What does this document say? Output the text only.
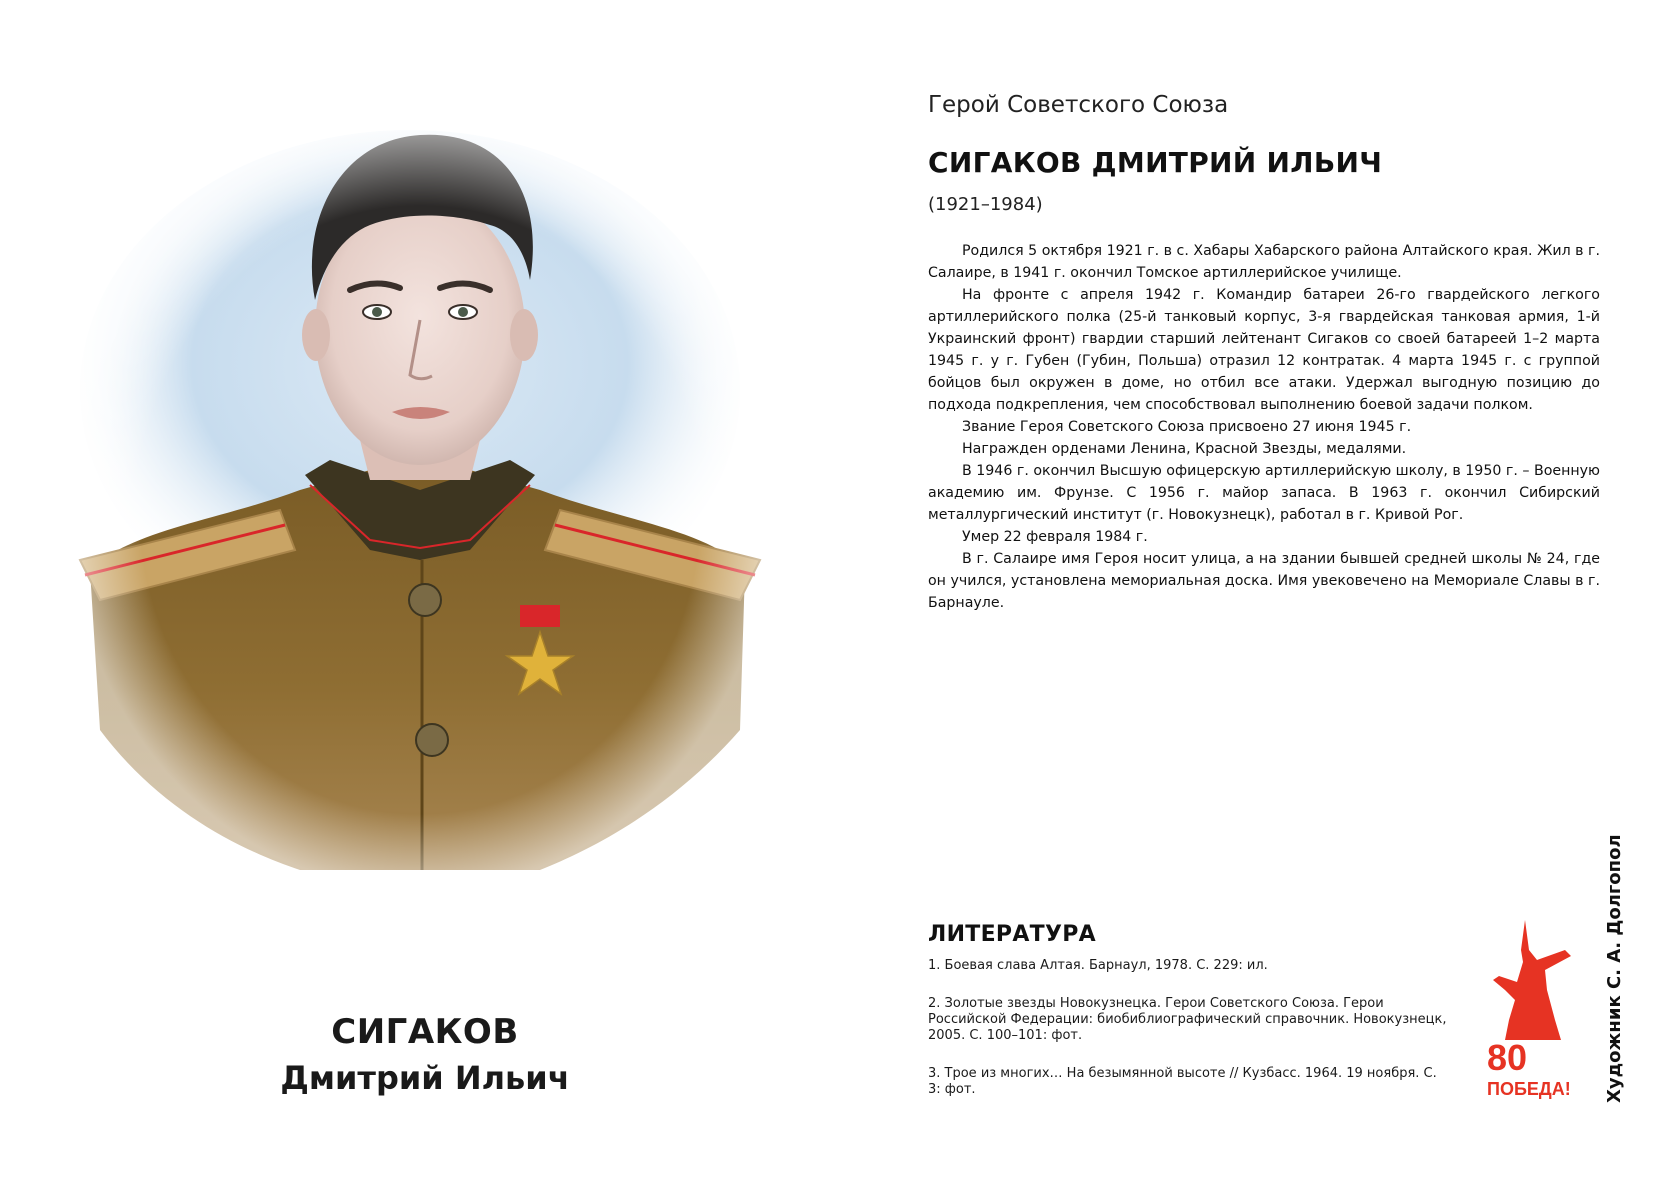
СИГАКОВ
Дмитрий Ильич
Герой Советского Союза
СИГАКОВ ДМИТРИЙ ИЛЬИЧ
(1921–1984)

Родился 5 октября 1921 г. в с. Хабары Хабарского района Алтайского края. Жил в г. Салаире, в 1941 г. окончил Томское артиллерийское училище.

На фронте с апреля 1942 г. Командир батареи 26-го гвардейского легкого артиллерийского полка (25-й танковый корпус, 3-я гвардейская танковая армия, 1-й Украинский фронт) гвардии старший лейтенант Сигаков со своей батареей 1–2 марта 1945 г. у г. Губен (Губин, Польша) отразил 12 контратак. 4 марта 1945 г. с группой бойцов был окружен в доме, но отбил все атаки. Удержал выгодную позицию до подхода подкрепления, чем способствовал выполнению боевой задачи полком.

Звание Героя Советского Союза присвоено 27 июня 1945 г.

Награжден орденами Ленина, Красной Звезды, медалями.

В 1946 г. окончил Высшую офицерскую артиллерийскую школу, в 1950 г. – Военную академию им. Фрунзе. С 1956 г. майор запаса. В 1963 г. окончил Сибирский металлургический институт (г. Новокузнецк), работал в г. Кривой Рог.

Умер 22 февраля 1984 г.

В г. Салаире имя Героя носит улица, а на здании бывшей средней школы № 24, где он учился, установлена мемориальная доска. Имя увековечено на Мемориале Славы в г. Барнауле.

ЛИТЕРАТУРА
1. Боевая слава Алтая. Барнаул, 1978. С. 229: ил.
2. Золотые звезды Новокузнецка. Герои Советского Союза. Герои Российской Федерации: биобиблиографический справочник. Новокузнецк, 2005. С. 100–101: фот.
3. Трое из многих… На безымянной высоте // Кузбасс. 1964. 19 ноября. С. 3: фот.
80
ПОБЕДА! Художник С. А. Долгопол
